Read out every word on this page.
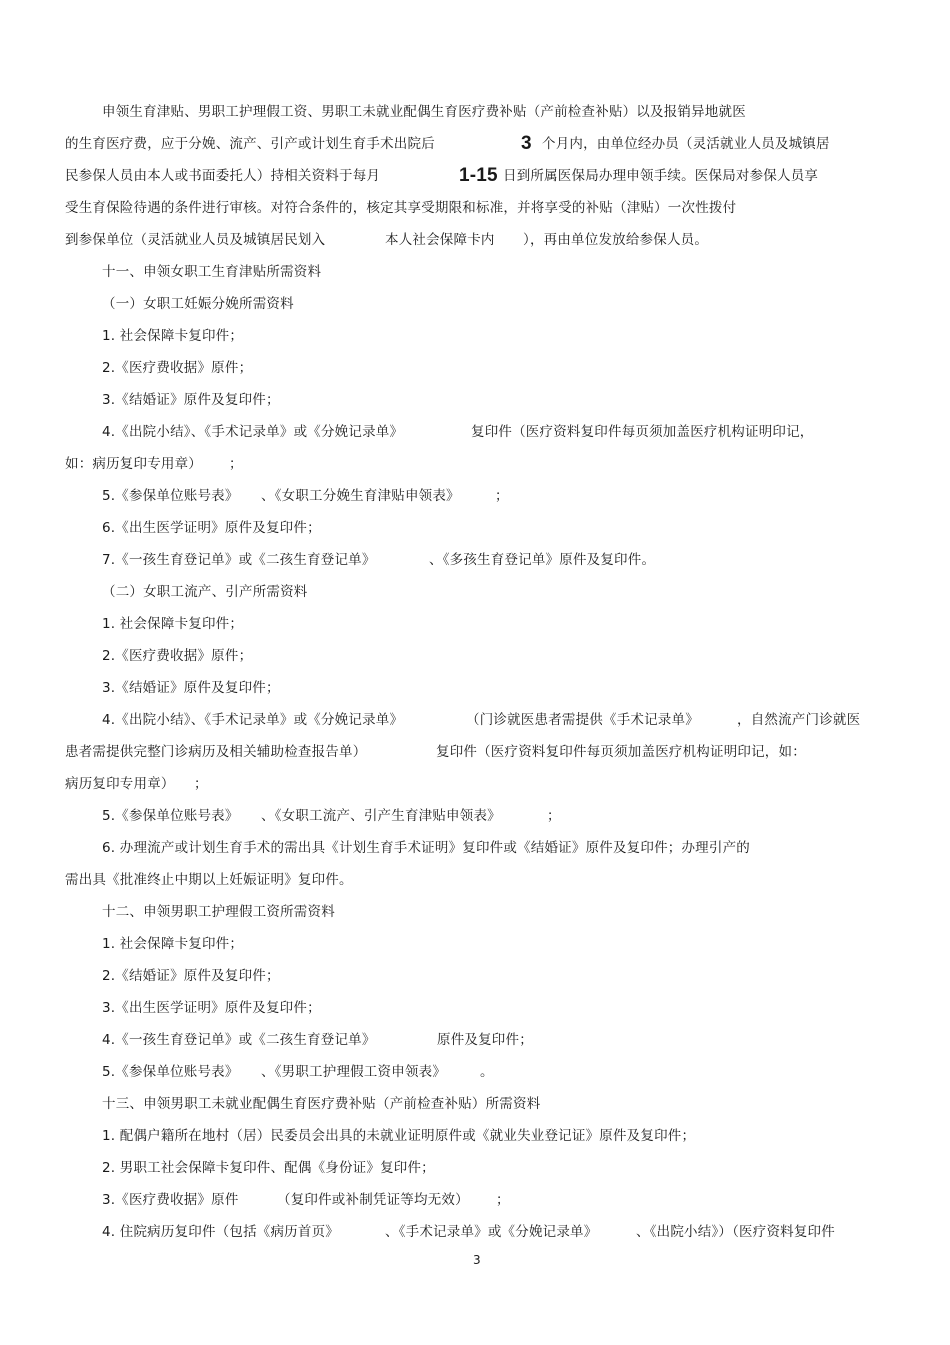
申领生育津贴、男职工护理假工资、男职工未就业配偶生育医疗费补贴（产前检查补贴）以及报销异地就医
的生育医疗费，应于分娩、流产、引产或计划生育手术出院后	3 个月内，由单位经办员（灵活就业人员及城镇居
民参保人员由本人或书面委托人）持相关资料于每月	1-15 日到所属医保局办理申领手续。医保局对参保人员享
受生育保险待遇的条件进行审核。对符合条件的，核定其享受期限和标准，并将享受的补贴（津贴）一次性拨付
到参保单位（灵活就业人员及城镇居民划入	本人社会保障卡内 ），再由单位发放给参保人员。
十一、申领女职工生育津贴所需资料
（一）女职工妊娠分娩所需资料
1. 社会保障卡复印件；
2.《医疗费收据》原件；
3.《结婚证》原件及复印件；
4.《出院小结》、《手术记录单》或《分娩记录单》	复印件（医疗资料复印件每页须加盖医疗机构证明印记，
如：病历复印专用章） ；
5.《参保单位账号表》 、《女职工分娩生育津贴申领表》	；
6.《出生医学证明》原件及复印件；
7.《一孩生育登记单》或《二孩生育登记单》	、《多孩生育登记单》原件及复印件。
（二）女职工流产、引产所需资料
1. 社会保障卡复印件；
2.《医疗费收据》原件；
3.《结婚证》原件及复印件；
4.《出院小结》、《手术记录单》或《分娩记录单》	（门诊就医患者需提供《手术记录单》	，自然流产门诊就医
患者需提供完整门诊病历及相关辅助检查报告单）	复印件（医疗资料复印件每页须加盖医疗机构证明印记，如：
病历复印专用章） ；
5.《参保单位账号表》 、《女职工流产、引产生育津贴申领表》	；
6. 办理流产或计划生育手术的需出具《计划生育手术证明》复印件或《结婚证》原件及复印件；办理引产的
需出具《批准终止中期以上妊娠证明》复印件。
十二、申领男职工护理假工资所需资料
1. 社会保障卡复印件；
2.《结婚证》原件及复印件；
3.《出生医学证明》原件及复印件；
4.《一孩生育登记单》或《二孩生育登记单》	原件及复印件；
5.《参保单位账号表》 、《男职工护理假工资申领表》	。
十三、申领男职工未就业配偶生育医疗费补贴（产前检查补贴）所需资料
1. 配偶户籍所在地村（居）民委员会出具的未就业证明原件或《就业失业登记证》原件及复印件；
2. 男职工社会保障卡复印件、配偶《身份证》复印件；
3.《医疗费收据》原件	（复印件或补制凭证等均无效） ；
4. 住院病历复印件（包括《病历首页》	、《手术记录单》或《分娩记录单》	、《出院小结》）（医疗资料复印件
3
